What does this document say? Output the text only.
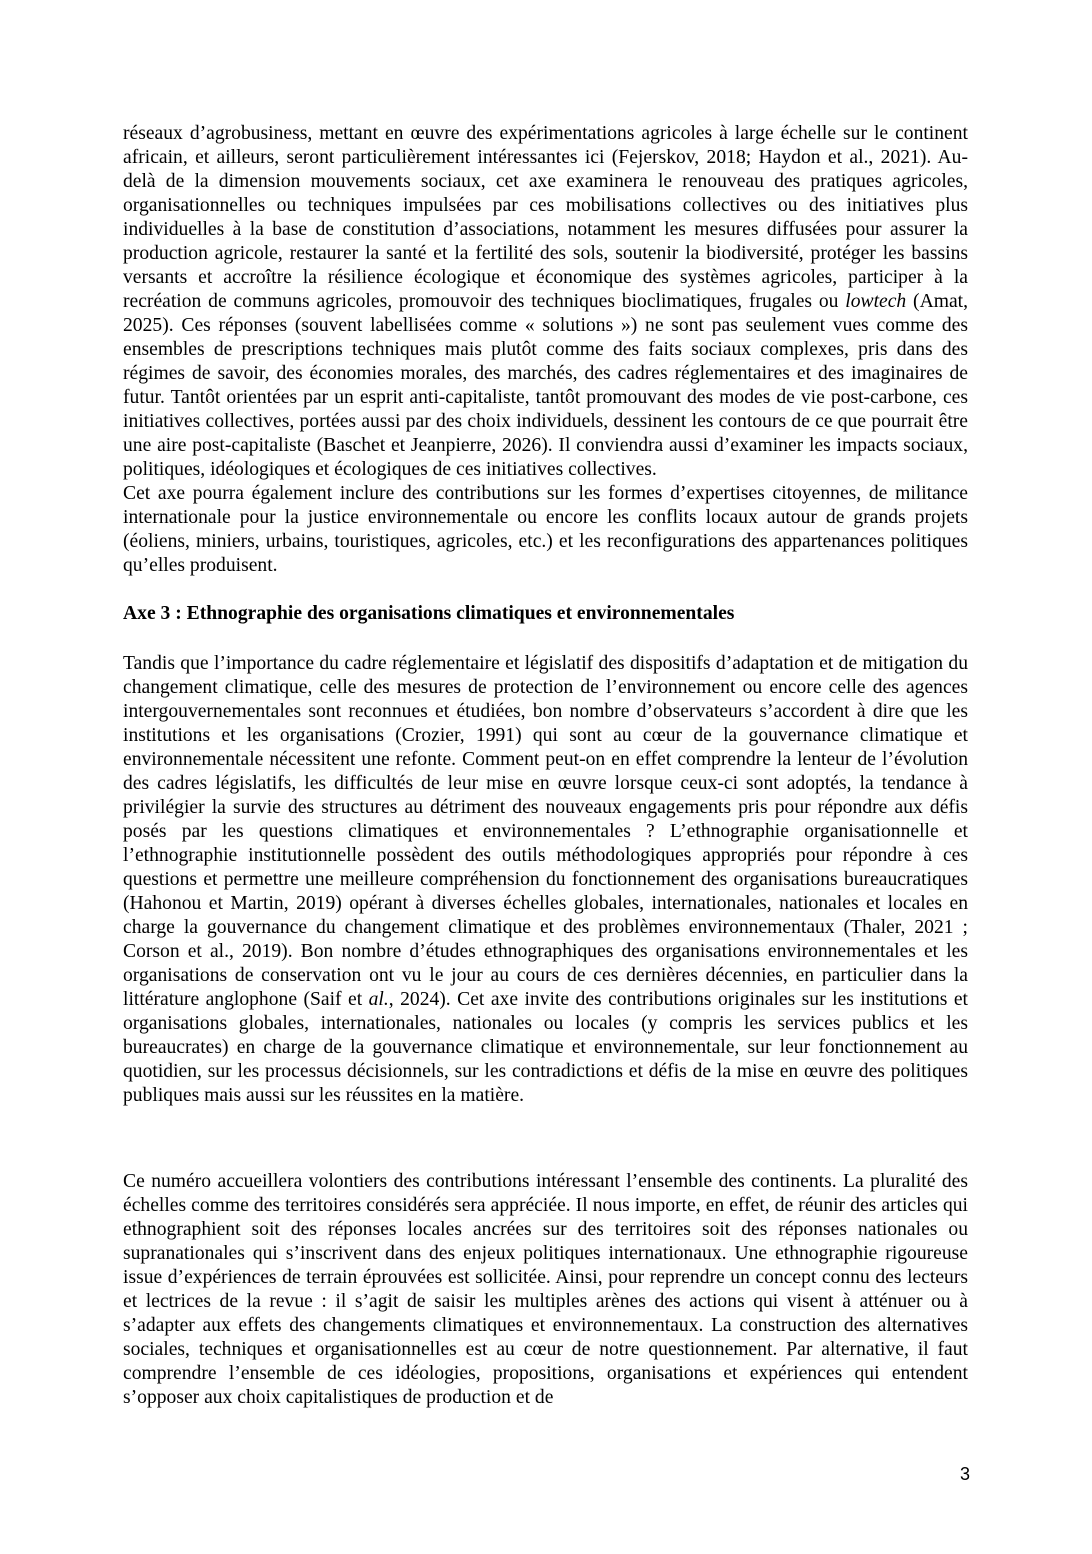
réseaux d’agrobusiness, mettant en œuvre des expérimentations agricoles à large échelle sur le continent africain, et ailleurs, seront particulièrement intéressantes ici (Fejerskov, 2018; Haydon et al., 2021). Au-delà de la dimension mouvements sociaux, cet axe examinera le renouveau des pratiques agricoles, organisationnelles ou techniques impulsées par ces mobilisations collectives ou des initiatives plus individuelles à la base de constitution d’associations, notamment les mesures diffusées pour assurer la production agricole, restaurer la santé et la fertilité des sols, soutenir la biodiversité, protéger les bassins versants et accroître la résilience écologique et économique des systèmes agricoles, participer à la recréation de communs agricoles, promouvoir des techniques bioclimatiques, frugales ou lowtech (Amat, 2025). Ces réponses (souvent labellisées comme « solutions ») ne sont pas seulement vues comme des ensembles de prescriptions techniques mais plutôt comme des faits sociaux complexes, pris dans des régimes de savoir, des économies morales, des marchés, des cadres réglementaires et des imaginaires de futur. Tantôt orientées par un esprit anti-capitaliste, tantôt promouvant des modes de vie post-carbone, ces initiatives collectives, portées aussi par des choix individuels, dessinent les contours de ce que pourrait être une aire post-capitaliste (Baschet et Jeanpierre, 2026). Il conviendra aussi d’examiner les impacts sociaux, politiques, idéologiques et écologiques de ces initiatives collectives.

Cet axe pourra également inclure des contributions sur les formes d’expertises citoyennes, de militance internationale pour la justice environnementale ou encore les conflits locaux autour de grands projets (éoliens, miniers, urbains, touristiques, agricoles, etc.) et les reconfigurations des appartenances politiques qu’elles produisent.

Axe 3 : Ethnographie des organisations climatiques et environnementales

Tandis que l’importance du cadre réglementaire et législatif des dispositifs d’adaptation et de mitigation du changement climatique, celle des mesures de protection de l’environnement ou encore celle des agences intergouvernementales sont reconnues et étudiées, bon nombre d’observateurs s’accordent à dire que les institutions et les organisations (Crozier, 1991) qui sont au cœur de la gouvernance climatique et environnementale nécessitent une refonte. Comment peut-on en effet comprendre la lenteur de l’évolution des cadres législatifs, les difficultés de leur mise en œuvre lorsque ceux-ci sont adoptés, la tendance à privilégier la survie des structures au détriment des nouveaux engagements pris pour répondre aux défis posés par les questions climatiques et environnementales ? L’ethnographie organisationnelle et l’ethnographie institutionnelle possèdent des outils méthodologiques appropriés pour répondre à ces questions et permettre une meilleure compréhension du fonctionnement des organisations bureaucratiques (Hahonou et Martin, 2019) opérant à diverses échelles globales, internationales, nationales et locales en charge la gouvernance du changement climatique et des problèmes environnementaux (Thaler, 2021 ; Corson et al., 2019). Bon nombre d’études ethnographiques des organisations environnementales et les organisations de conservation ont vu le jour au cours de ces dernières décennies, en particulier dans la littérature anglophone (Saif et al., 2024). Cet axe invite des contributions originales sur les institutions et organisations globales, internationales, nationales ou locales (y compris les services publics et les bureaucrates) en charge de la gouvernance climatique et environnementale, sur leur fonctionnement au quotidien, sur les processus décisionnels, sur les contradictions et défis de la mise en œuvre des politiques publiques mais aussi sur les réussites en la matière.

Ce numéro accueillera volontiers des contributions intéressant l’ensemble des continents. La pluralité des échelles comme des territoires considérés sera appréciée. Il nous importe, en effet, de réunir des articles qui ethnographient soit des réponses locales ancrées sur des territoires soit des réponses nationales ou supranationales qui s’inscrivent dans des enjeux politiques internationaux. Une ethnographie rigoureuse issue d’expériences de terrain éprouvées est sollicitée. Ainsi, pour reprendre un concept connu des lecteurs et lectrices de la revue : il s’agit de saisir les multiples arènes des actions qui visent à atténuer ou à s’adapter aux effets des changements climatiques et environnementaux. La construction des alternatives sociales, techniques et organisationnelles est au cœur de notre questionnement. Par alternative, il faut comprendre l’ensemble de ces idéologies, propositions, organisations et expériences qui entendent s’opposer aux choix capitalistiques de production et de

3
